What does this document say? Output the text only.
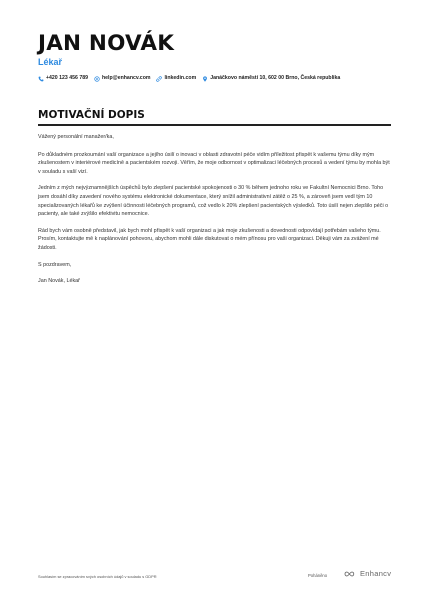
JAN NOVÁK
Lékař
+420 123 456 789	help@enhancv.com	linkedin.com	Janáčkovo náměstí 10, 602 00 Brno, Česká republika
MOTIVAČNÍ DOPIS

Vážený personální manažer/ka,

Po důkladném prozkoumání vaší organizace a jejího úsilí o inovaci v oblasti zdravotní péče vidím příležitost přispět k vašemu týmu díky mým zkušenostem v interiérové medicíně a pacientském rozvoji. Věřím, že moje odbornost v optimalizaci léčebných procesů a vedení týmu by mohla být v souladu s vaší vizí.

Jedním z mých nejvýznamnějších úspěchů bylo zlepšení pacientské spokojenosti o 30 % během jednoho roku ve Fakultní Nemocnici Brno. Toho jsem dosáhl díky zavedení nového systému elektronické dokumentace, který snížil administrativní zátěž o 25 %, a zároveň jsem vedl tým 10 specializovaných lékařů ke zvýšení účinnosti léčebných programů, což vedlo k 20% zlepšení pacientských výsledků. Toto úsilí nejen zlepšilo péči o pacienty, ale také zvýšilo efektivitu nemocnice.

Rád bych vám osobně představil, jak bych mohl přispět k vaší organizaci a jak moje zkušenosti a dovednosti odpovídají potřebám vašeho týmu. Prosím, kontaktujte mě k naplánování pohovoru, abychom mohli dále diskutovat o mém přínosu pro vaši organizaci. Děkuji vám za zvážení mé žádosti.

S pozdravem,

Jan Novák, Lékař

Souhlasím se zpracováním svých osobních údajů v souladu s GDPR	Poháněno	Enhancv
